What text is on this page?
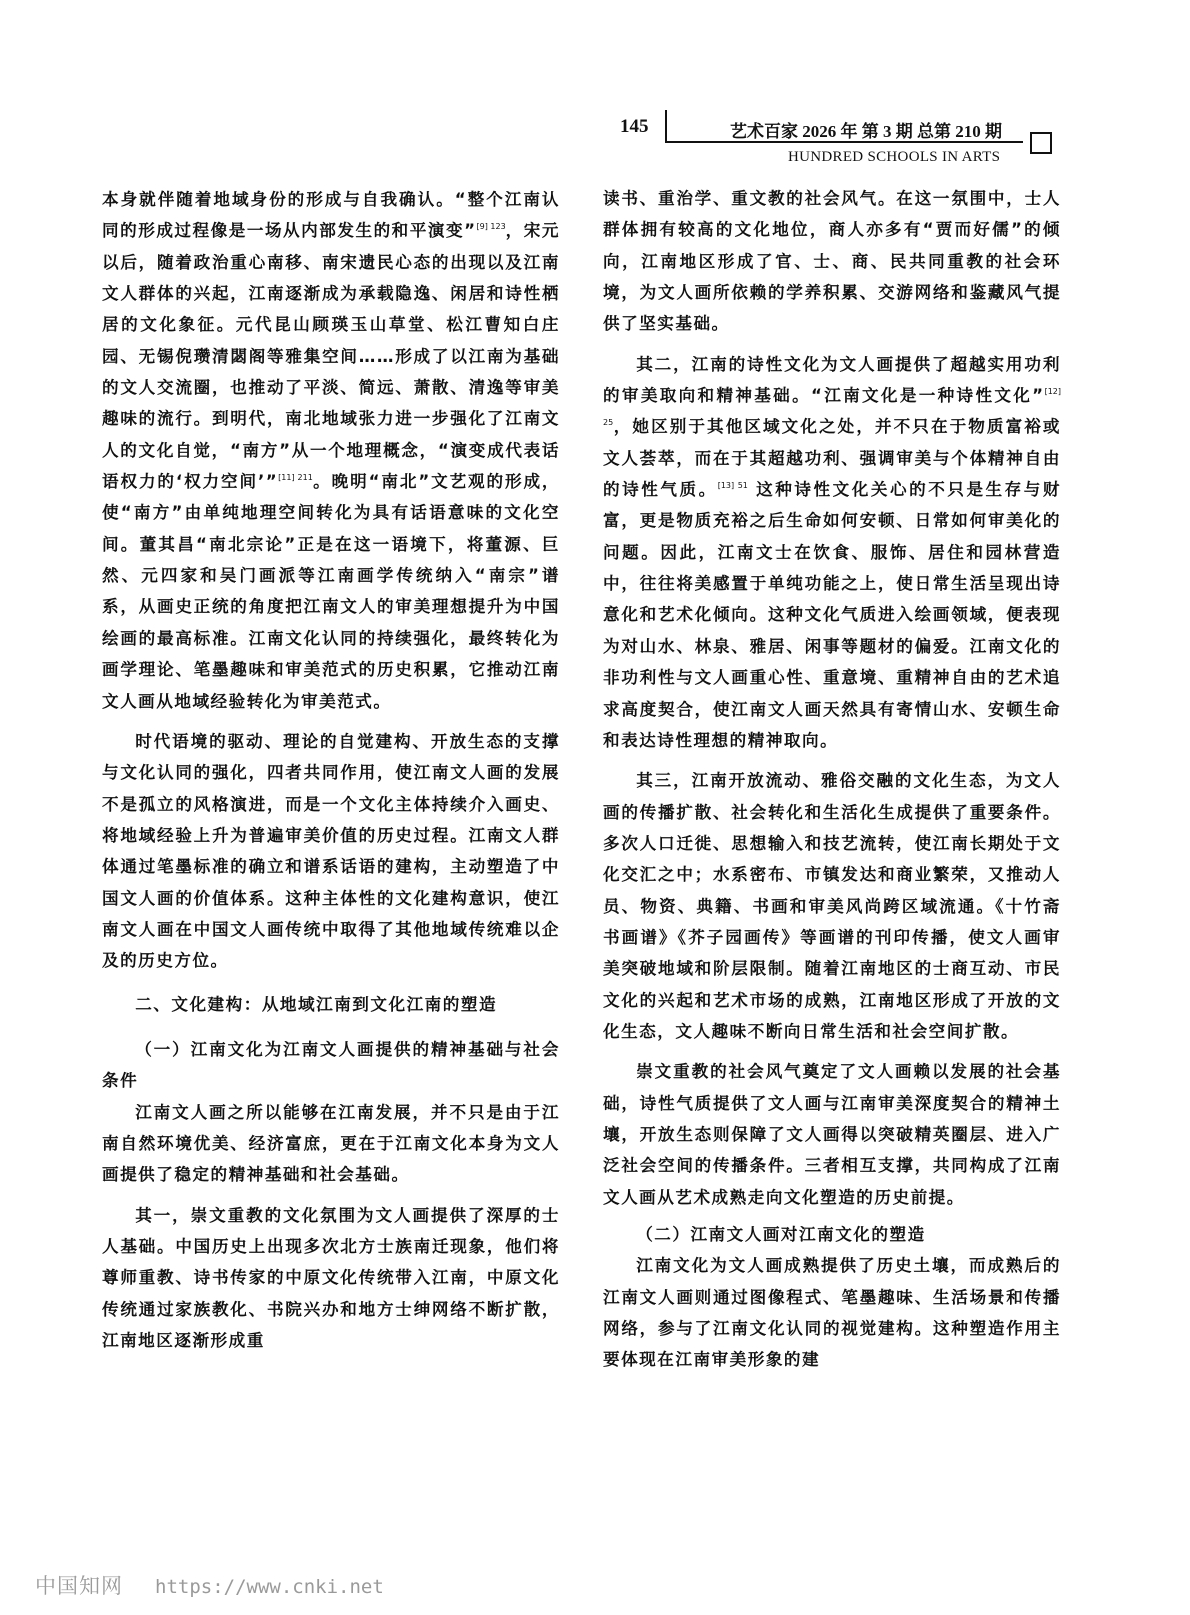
145	艺术百家 2026 年 第 3 期 总第 210 期
HUNDRED SCHOOLS IN ARTS

本身就伴随着地域身份的形成与自我确认。“整个江南认同的形成过程像是一场从内部发生的和平演变”$^{[9] 123}$，宋元以后，随着政治重心南移、南宋遗民心态的出现以及江南文人群体的兴起，江南逐渐成为承载隐逸、闲居和诗性栖居的文化象征。元代昆山顾瑛玉山草堂、松江曹知白庄园、无锡倪瓒清閟阁等雅集空间……形成了以江南为基础的文人交流圈，也推动了平淡、简远、萧散、清逸等审美趣味的流行。到明代，南北地域张力进一步强化了江南文人的文化自觉，“南方”从一个地理概念，“演变成代表话语权力的‘权力空间’”$^{[11] 211}$。晚明“南北”文艺观的形成，使“南方”由单纯地理空间转化为具有话语意味的文化空间。董其昌“南北宗论”正是在这一语境下，将董源、巨然、元四家和吴门画派等江南画学传统纳入“南宗”谱系，从画史正统的角度把江南文人的审美理想提升为中国绘画的最高标准。江南文化认同的持续强化，最终转化为画学理论、笔墨趣味和审美范式的历史积累，它推动江南文人画从地域经验转化为审美范式。

时代语境的驱动、理论的自觉建构、开放生态的支撑与文化认同的强化，四者共同作用，使江南文人画的发展不是孤立的风格演进，而是一个文化主体持续介入画史、将地域经验上升为普遍审美价值的历史过程。江南文人群体通过笔墨标准的确立和谱系话语的建构，主动塑造了中国文人画的价值体系。这种主体性的文化建构意识，使江南文人画在中国文人画传统中取得了其他地域传统难以企及的历史方位。

二、文化建构：从地域江南到文化江南的塑造
（一）江南文化为江南文人画提供的精神基础与社会条件

江南文人画之所以能够在江南发展，并不只是由于江南自然环境优美、经济富庶，更在于江南文化本身为文人画提供了稳定的精神基础和社会基础。

其一，崇文重教的文化氛围为文人画提供了深厚的士人基础。中国历史上出现多次北方士族南迁现象，他们将尊师重教、诗书传家的中原文化传统带入江南，中原文化传统通过家族教化、书院兴办和地方士绅网络不断扩散，江南地区逐渐形成重

读书、重治学、重文教的社会风气。在这一氛围中，士人群体拥有较高的文化地位，商人亦多有“贾而好儒”的倾向，江南地区形成了官、士、商、民共同重教的社会环境，为文人画所依赖的学养积累、交游网络和鉴藏风气提供了坚实基础。

其二，江南的诗性文化为文人画提供了超越实用功利的审美取向和精神基础。“江南文化是一种诗性文化”$^{[12] 25}$，她区别于其他区域文化之处，并不只在于物质富裕或文人荟萃，而在于其超越功利、强调审美与个体精神自由的诗性气质。$^{[13] 51}$ 这种诗性文化关心的不只是生存与财富，更是物质充裕之后生命如何安顿、日常如何审美化的问题。因此，江南文士在饮食、服饰、居住和园林营造中，往往将美感置于单纯功能之上，使日常生活呈现出诗意化和艺术化倾向。这种文化气质进入绘画领域，便表现为对山水、林泉、雅居、闲事等题材的偏爱。江南文化的非功利性与文人画重心性、重意境、重精神自由的艺术追求高度契合，使江南文人画天然具有寄情山水、安顿生命和表达诗性理想的精神取向。

其三，江南开放流动、雅俗交融的文化生态，为文人画的传播扩散、社会转化和生活化生成提供了重要条件。多次人口迁徙、思想输入和技艺流转，使江南长期处于文化交汇之中；水系密布、市镇发达和商业繁荣，又推动人员、物资、典籍、书画和审美风尚跨区域流通。《十竹斋书画谱》《芥子园画传》等画谱的刊印传播，使文人画审美突破地域和阶层限制。随着江南地区的士商互动、市民文化的兴起和艺术市场的成熟，江南地区形成了开放的文化生态，文人趣味不断向日常生活和社会空间扩散。

崇文重教的社会风气奠定了文人画赖以发展的社会基础，诗性气质提供了文人画与江南审美深度契合的精神土壤，开放生态则保障了文人画得以突破精英圈层、进入广泛社会空间的传播条件。三者相互支撑，共同构成了江南文人画从艺术成熟走向文化塑造的历史前提。

（二）江南文人画对江南文化的塑造

江南文化为文人画成熟提供了历史土壤，而成熟后的江南文人画则通过图像程式、笔墨趣味、生活场景和传播网络，参与了江南文化认同的视觉建构。这种塑造作用主要体现在江南审美形象的建

中国知网 https://www.cnki.net
